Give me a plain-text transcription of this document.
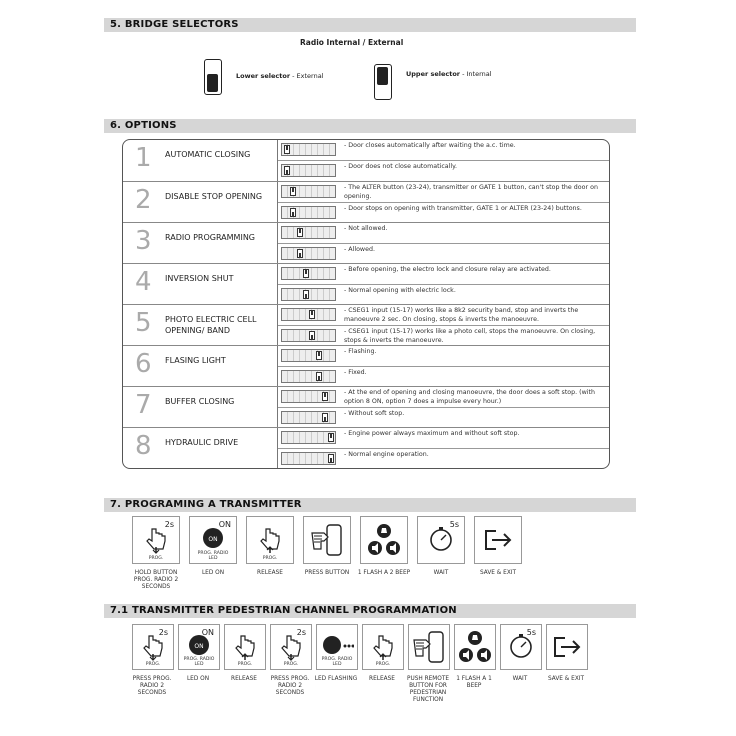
5. BRIDGE SELECTORS
Radio Internal / External
Lower selector - External	Upper selector - Internal
6. OPTIONS
1 AUTOMATIC CLOSING
- Door closes automatically after waiting the a.c. time.
- Door does not close automatically.
2 DISABLE STOP OPENING
- The ALTER button (23-24), transmitter or GATE 1 button, can't stop the door on opening.
- Door stops on opening with transmitter, GATE 1 or ALTER (23-24) buttons.
3 RADIO PROGRAMMING
- Not allowed.
- Allowed.
4 INVERSION SHUT
- Before opening, the electro lock and closure relay are activated.
- Normal opening with electric lock.
5 PHOTO ELECTRIC CELL OPENING/ BAND
- CSEG1 input (15-17) works like a 8k2 security band, stop and inverts the manoeuvre 2 sec. On closing, stops & inverts the manoeuvre.
- CSEG1 input (15-17) works like a photo cell, stops the manoeuvre. On closing, stops & inverts the manoeuvre.
6 FLASING LIGHT
- Flashing.
- Fixed.
7 BUFFER CLOSING
- At the end of opening and closing manoeuvre, the door does a soft stop. (with option 8 ON, option 7 does a impulse every hour.)
- Without soft stop.
8 HYDRAULIC DRIVE
- Engine power always maximum and without soft stop.
- Normal engine operation.
7. PROGRAMING A TRANSMITTER
2s
PROG.
HOLD BUTTON PROG. RADIO 2 SECONDS
ON
ON
PROG. RADIO LED
LED ON
PROG.
RELEASE	PRESS BUTTON	1 FLASH A 2 BEEP
5s
WAIT	SAVE & EXIT
7.1 TRANSMITTER PEDESTRIAN CHANNEL PROGRAMMATION
2s
PROG.
PRESS PROG. RADIO 2 SECONDS
ON
ON
PROG. RADIO LED
LED ON
PROG.
RELEASE
2s
PROG.
PRESS PROG. RADIO 2 SECONDS
PROG. RADIO LED
LED FLASHING
PROG.
RELEASE	PUSH REMOTE BUTTON FOR PEDESTRIAN FUNCTION
1 FLASH A 1 BEEP
5s
WAIT	SAVE & EXIT
